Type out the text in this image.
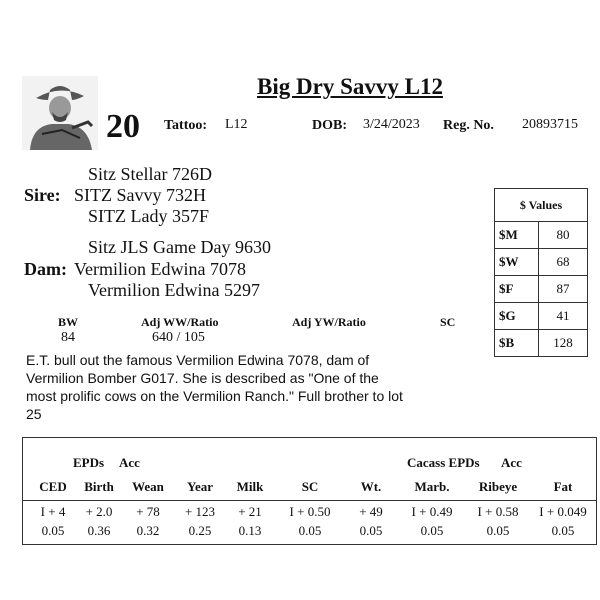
Big Dry Savvy L12
20 Tattoo: L12	DOB: 3/24/2023 Reg. No. 20893715
Sitz Stellar 726D
Sire: SITZ Savvy 732H
SITZ Lady 357F
Sitz JLS Game Day 9630
Dam: Vermilion Edwina 7078
Vermilion Edwina 5297
BW
84
Adj WW/Ratio
640 / 105
Adj YW/Ratio	SC
E.T. bull out the famous Vermilion Edwina 7078, dam of Vermilion Bomber G017. She is described as "One of the most prolific cows on the Vermilion Ranch." Full brother to lot 25
$ Values	
$M	80
$W	68
$F	87
$G	41
$B	128
EPDs Acc	Cacass EPDs Acc
CED	Birth	Wean	Year	Milk	SC	Wt.	Marb.	Ribeye	Fat
I + 4	+ 2.0	+ 78	+ 123	+ 21	I + 0.50	+ 49	I + 0.49	I + 0.58	I + 0.049
0.05	0.36	0.32	0.25	0.13	0.05	0.05	0.05	0.05	0.05
